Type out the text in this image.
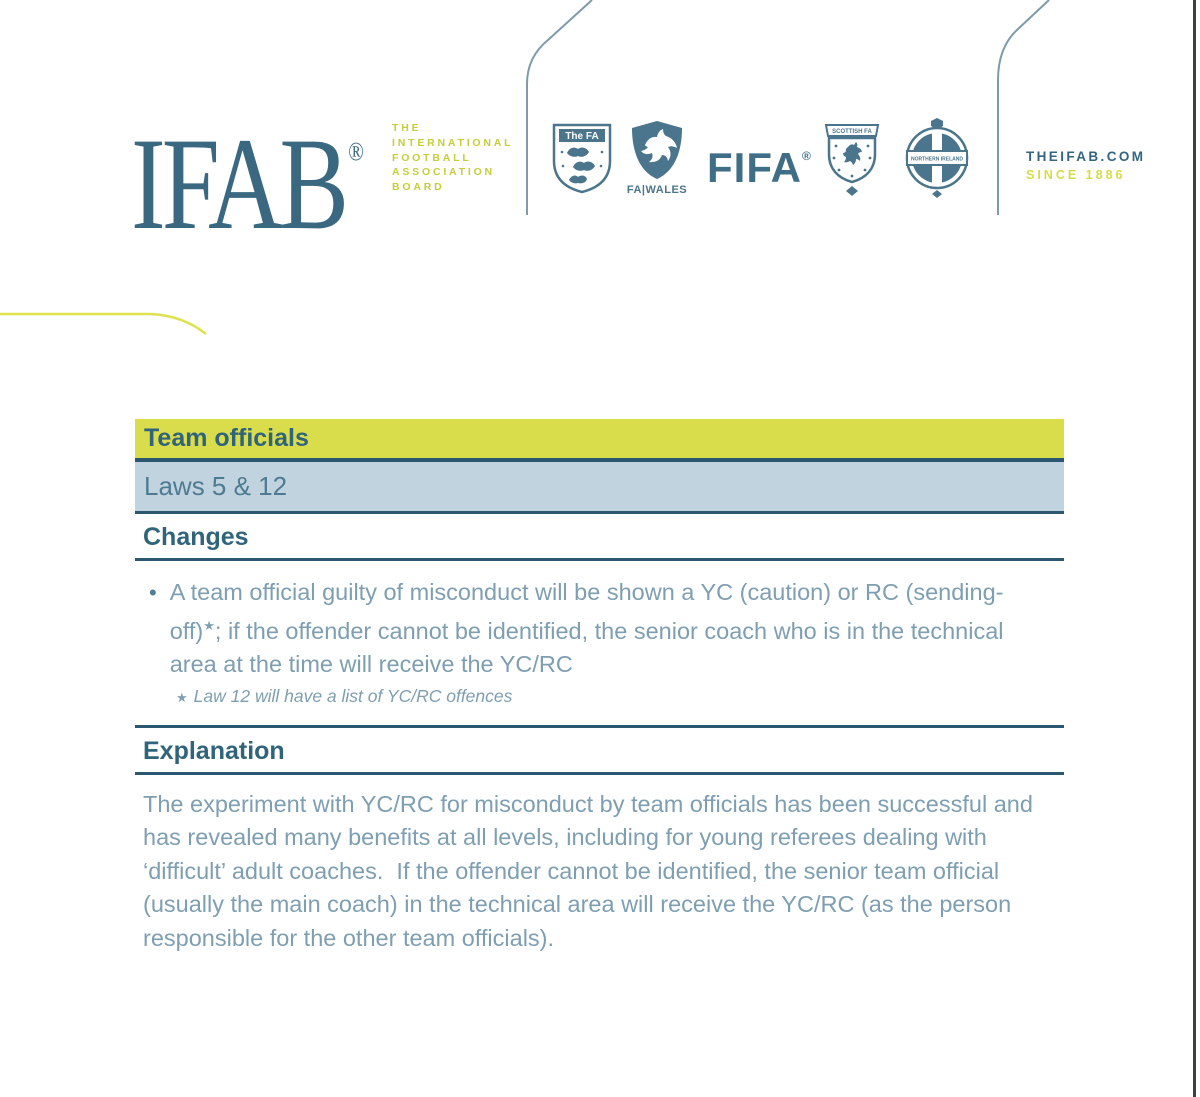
IFAB ®
THE
INTERNATIONAL
FOOTBALL
ASSOCIATION
BOARD
The FA
FA|WALES FIFA®
SCOTTISH FA
NORTHERN IRELAND	THEIFAB.COM
SINCE 1886
Team officials
Laws 5 & 12
Changes
• A team official guilty of misconduct will be shown a YC (caution) or RC (sending-off)★; if the offender cannot be identified, the senior coach who is in the technical area at the time will receive the YC/RC
★ Law 12 will have a list of YC/RC offences
Explanation
The experiment with YC/RC for misconduct by team officials has been successful and has revealed many benefits at all levels, including for young referees dealing with ‘difficult’ adult coaches.  If the offender cannot be identified, the senior team official (usually the main coach) in the technical area will receive the YC/RC (as the person responsible for the other team officials).
